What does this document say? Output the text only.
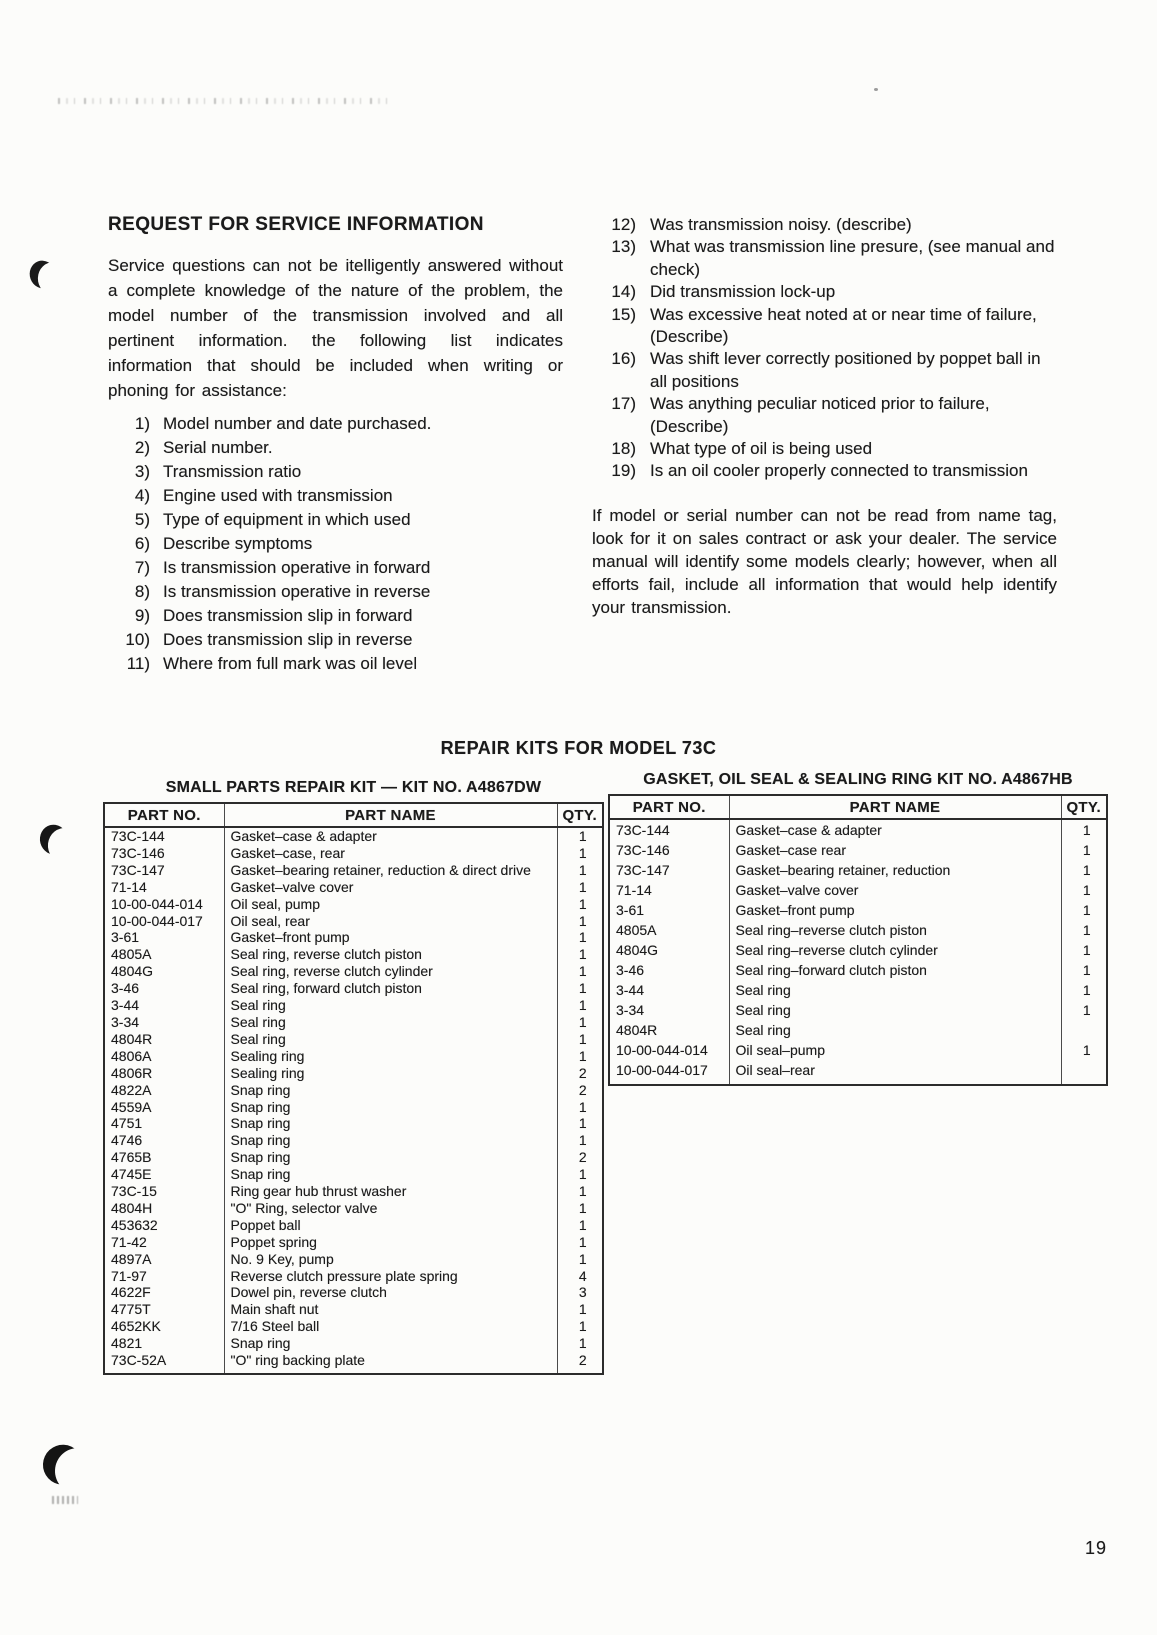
REQUEST FOR SERVICE INFORMATION
Service questions can not be itelligently answered without a complete knowledge of the nature of the problem, the model number of the transmission involved and all pertinent information. the following list indicates information that should be included when writing or phoning for assistance:
1) Model number and date purchased.
2) Serial number.
3) Transmission ratio
4) Engine used with transmission
5) Type of equipment in which used
6) Describe symptoms
7) Is transmission operative in forward
8) Is transmission operative in reverse
9) Does transmission slip in forward
10) Does transmission slip in reverse
11) Where from full mark was oil level
12) Was transmission noisy. (describe)
13) What was transmission line presure, (see manual and check)
14) Did transmission lock-up
15) Was excessive heat noted at or near time of failure, (Describe)
16) Was shift lever correctly positioned by poppet ball in all positions
17) Was anything peculiar noticed prior to failure, (Describe)
18) What type of oil is being used
19) Is an oil cooler properly connected to transmission
If model or serial number can not be read from name tag, look for it on sales contract or ask your dealer. The service manual will identify some models clearly; however, when all efforts fail, include all information that would help identify your transmission.
REPAIR KITS FOR MODEL 73C
SMALL PARTS REPAIR KIT — KIT NO. A4867DW
PART NO.	PART NAME	QTY.
73C-144	Gasket–case & adapter	1
73C-146	Gasket–case, rear	1
73C-147	Gasket–bearing retainer, reduction & direct drive	1
71-14	Gasket–valve cover	1
10-00-044-014	Oil seal, pump	1
10-00-044-017	Oil seal, rear	1
3-61	Gasket–front pump	1
4805A	Seal ring, reverse clutch piston	1
4804G	Seal ring, reverse clutch cylinder	1
3-46	Seal ring, forward clutch piston	1
3-44	Seal ring	1
3-34	Seal ring	1
4804R	Seal ring	1
4806A	Sealing ring	1
4806R	Sealing ring	2
4822A	Snap ring	2
4559A	Snap ring	1
4751	Snap ring	1
4746	Snap ring	1
4765B	Snap ring	2
4745E	Snap ring	1
73C-15	Ring gear hub thrust washer	1
4804H	"O" Ring, selector valve	1
453632	Poppet ball	1
71-42	Poppet spring	1
4897A	No. 9 Key, pump	1
71-97	Reverse clutch pressure plate spring	4
4622F	Dowel pin, reverse clutch	3
4775T	Main shaft nut	1
4652KK	7/16 Steel ball	1
4821	Snap ring	1
73C-52A	"O" ring backing plate	2
GASKET, OIL SEAL & SEALING RING KIT NO. A4867HB
PART NO.	PART NAME	QTY.
73C-144	Gasket–case & adapter	1
73C-146	Gasket–case rear	1
73C-147	Gasket–bearing retainer, reduction	1
71-14	Gasket–valve cover	1
3-61	Gasket–front pump	1
4805A	Seal ring–reverse clutch piston	1
4804G	Seal ring–reverse clutch cylinder	1
3-46	Seal ring–forward clutch piston	1
3-44	Seal ring	1
3-34	Seal ring	1
4804R	Seal ring	
10-00-044-014	Oil seal–pump	1
10-00-044-017	Oil seal–rear	
19
